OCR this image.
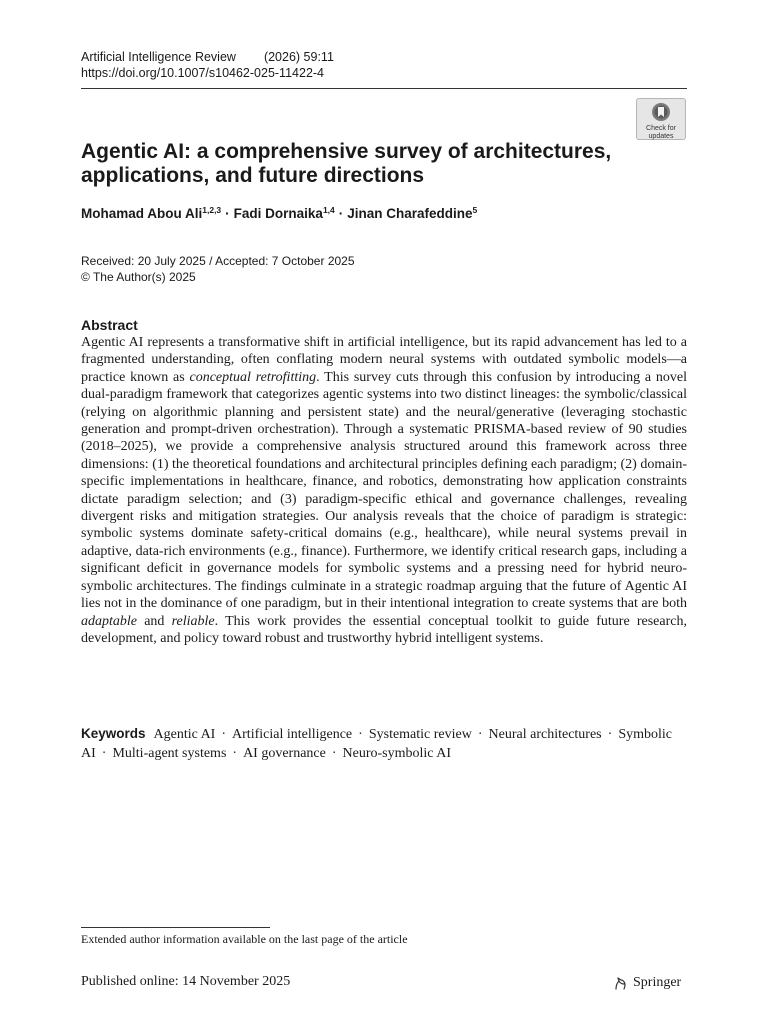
Artificial Intelligence Review (2026) 59:11
https://doi.org/10.1007/s10462-025-11422-4
Check for
updates
Agentic AI: a comprehensive survey of architectures, applications, and future directions
Mohamad Abou Ali$^{1,2,3}$ · Fadi Dornaika$^{1,4}$ · Jinan Charafeddine$^5$
Received: 20 July 2025 / Accepted: 7 October 2025
© The Author(s) 2025
Abstract

Agentic AI represents a transformative shift in artificial intelligence, but its rapid advancement has led to a fragmented understanding, often conflating modern neural systems with outdated symbolic models—a practice known as conceptual retrofitting. This survey cuts through this confusion by introducing a novel dual-paradigm framework that categorizes agentic systems into two distinct lineages: the symbolic/classical (relying on algorithmic planning and persistent state) and the neural/generative (leveraging stochastic generation and prompt-driven orchestration). Through a systematic PRISMA-based review of 90 studies (2018–2025), we provide a comprehensive analysis structured around this framework across three dimensions: (1) the theoretical foundations and architectural principles defining each paradigm; (2) domain-specific implementations in healthcare, finance, and robotics, demonstrating how application constraints dictate paradigm selection; and (3) paradigm-specific ethical and governance challenges, revealing divergent risks and mitigation strategies. Our analysis reveals that the choice of paradigm is strategic: symbolic systems dominate safety-critical domains (e.g., healthcare), while neural systems prevail in adaptive, data-rich environments (e.g., finance). Furthermore, we identify critical research gaps, including a significant deficit in governance models for symbolic systems and a pressing need for hybrid neuro-symbolic architectures. The findings culminate in a strategic roadmap arguing that the future of Agentic AI lies not in the dominance of one paradigm, but in their intentional integration to create systems that are both adaptable and reliable. This work provides the essential conceptual toolkit to guide future research, development, and policy toward robust and trustworthy hybrid intelligent systems.

Keywords Agentic AI · Artificial intelligence · Systematic review · Neural architectures · Symbolic AI · Multi-agent systems · AI governance · Neuro-symbolic AI
Extended author information available on the last page of the article
Published online: 14 November 2025	Springer
